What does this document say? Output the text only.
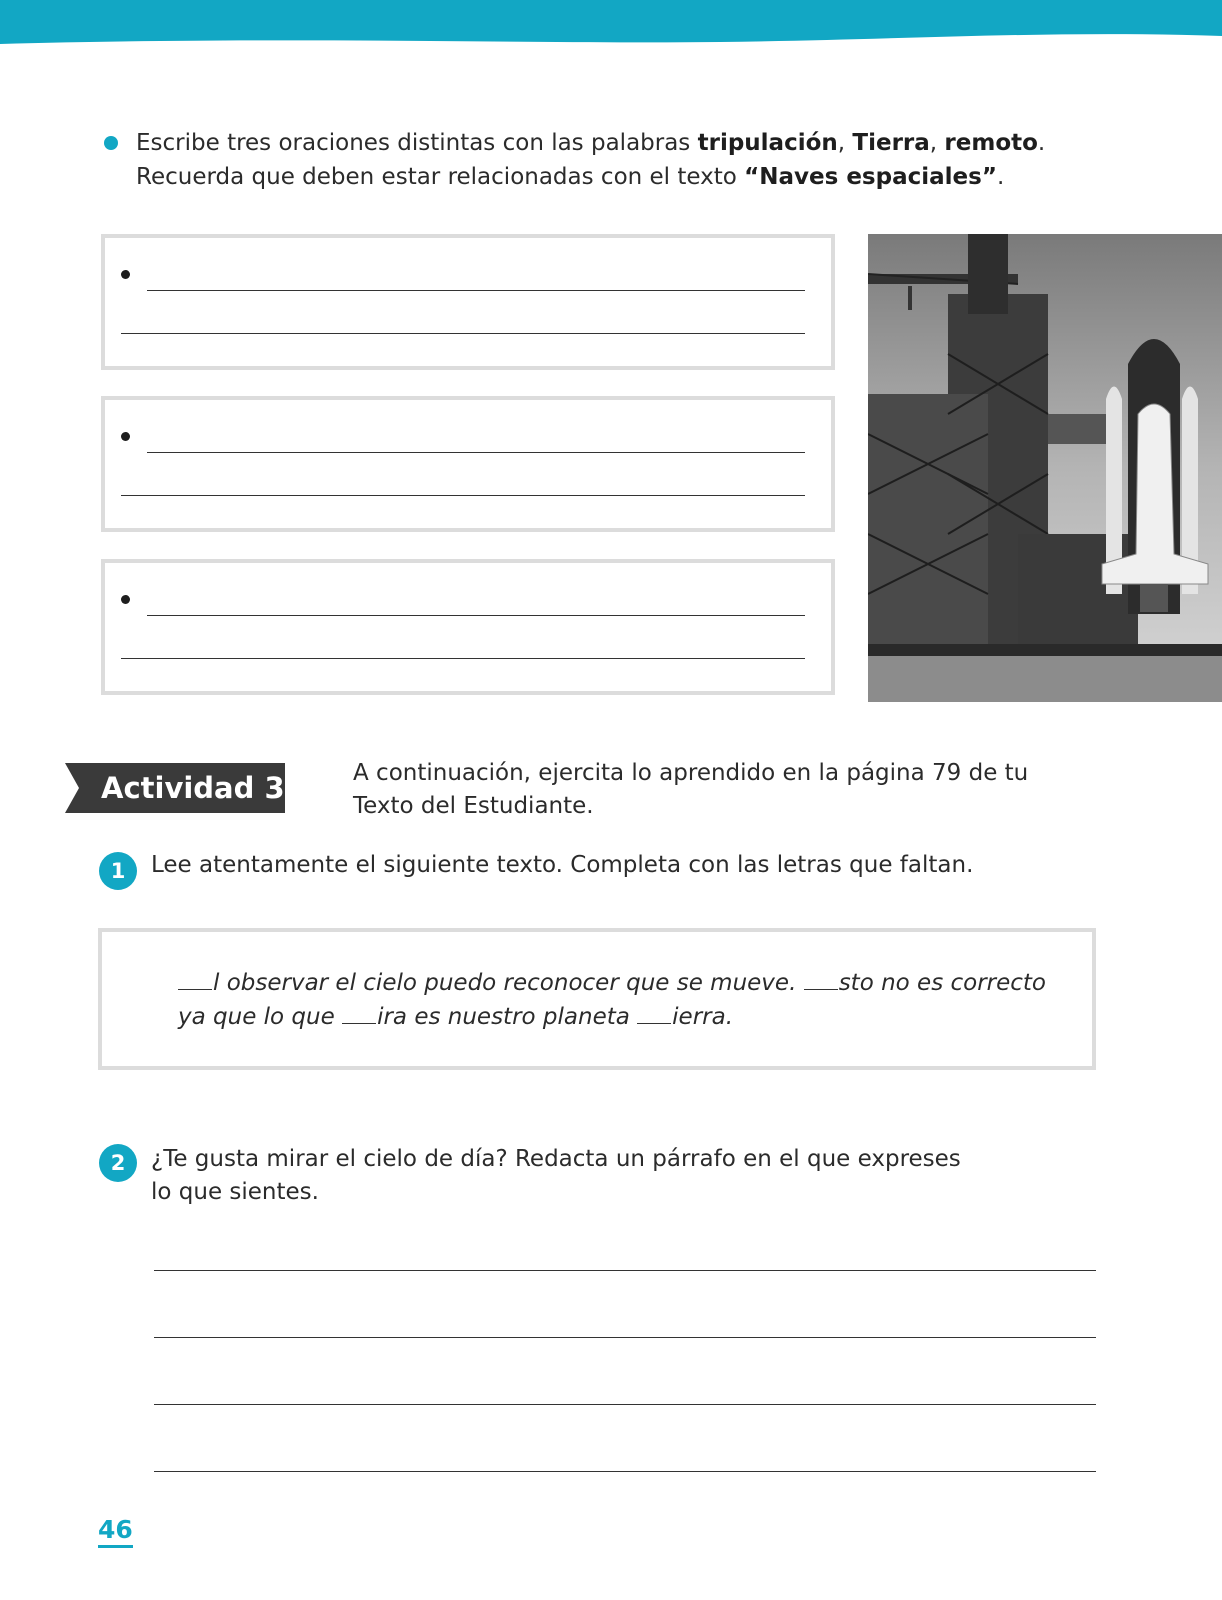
Escribe tres oraciones distintas con las palabras tripulación, Tierra, remoto.
Recuerda que deben estar relacionadas con el texto “Naves espaciales”.
Actividad 3	A continuación, ejercita lo aprendido en la página 79 de tu Texto del Estudiante.
1	Lee atentamente el siguiente texto. Completa con las letras que faltan.
l observar el cielo puedo reconocer que se mueve. sto no es correcto
ya que lo que ira es nuestro planeta ierra.
2	¿Te gusta mirar el cielo de día? Redacta un párrafo en el que expreses lo que sientes.
46
